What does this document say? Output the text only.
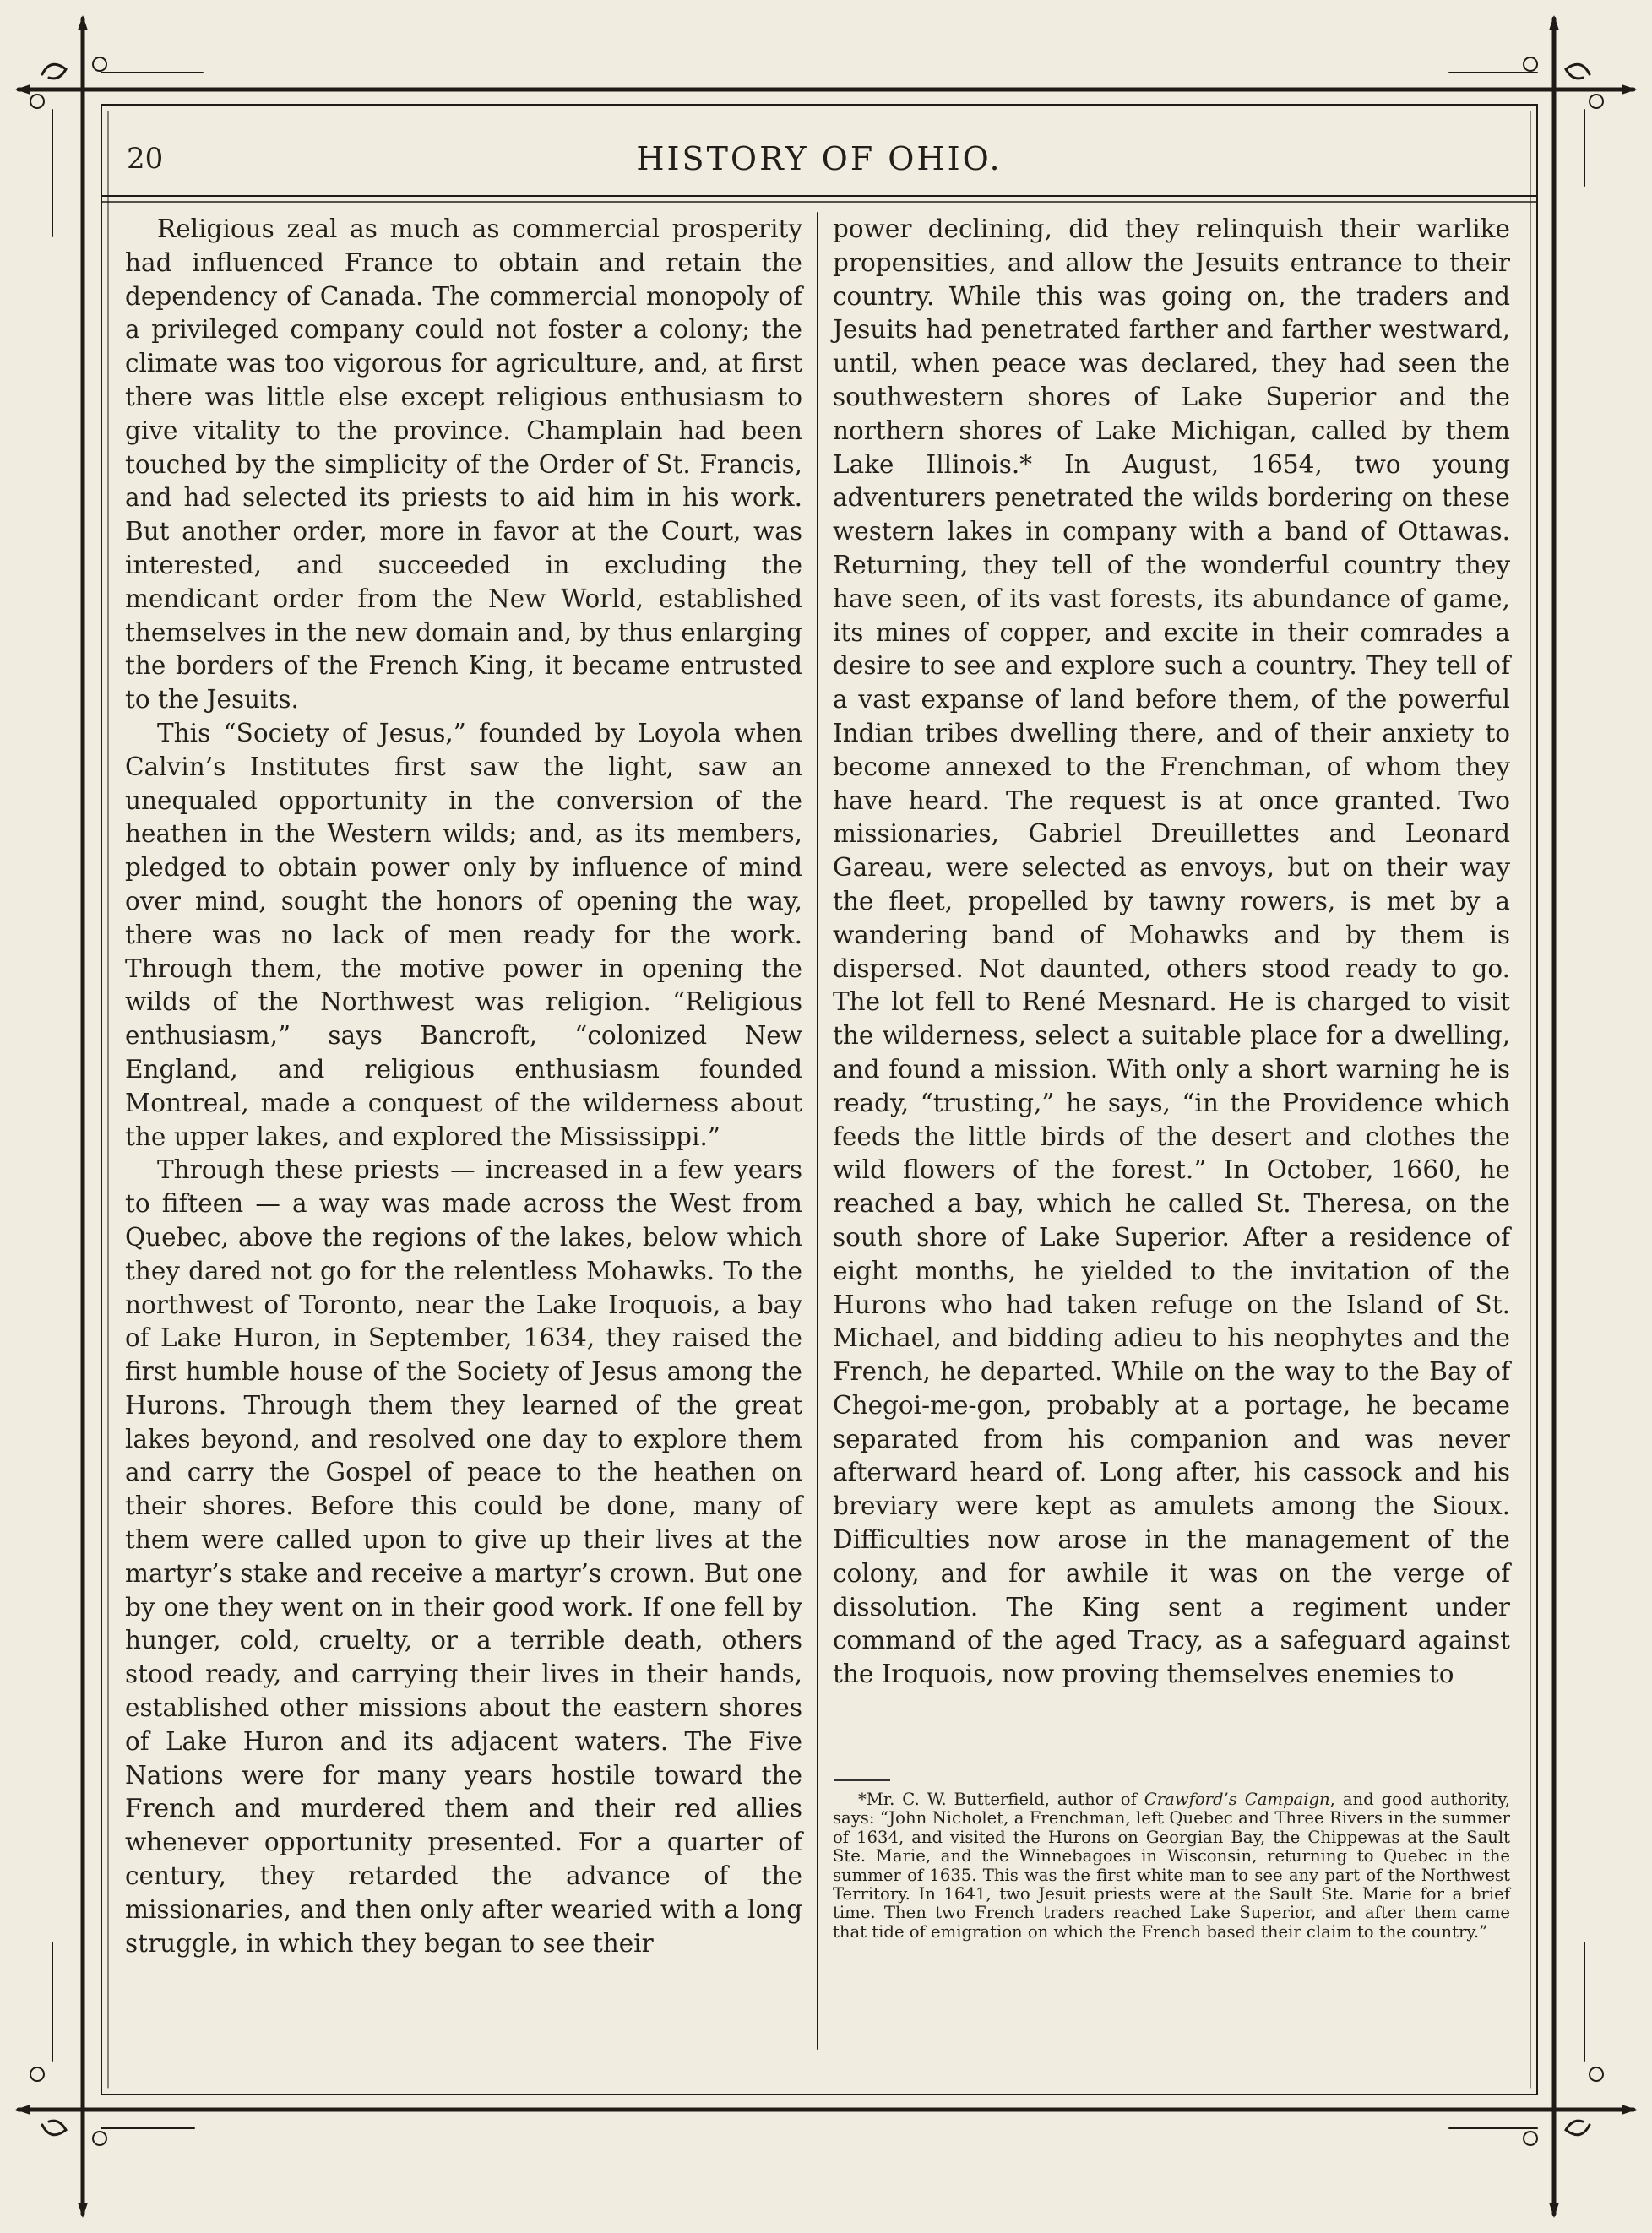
20	HISTORY OF OHIO.

Religious zeal as much as commercial prosperity had influenced France to obtain and retain the dependency of Canada. The commercial monopoly of a privileged company could not foster a colony; the climate was too vigorous for agriculture, and, at first there was little else except religious enthusiasm to give vitality to the province. Champlain had been touched by the simplicity of the Order of St. Francis, and had selected its priests to aid him in his work. But another order, more in favor at the Court, was interested, and succeeded in excluding the mendicant order from the New World, established themselves in the new domain and, by thus enlarging the borders of the French King, it became entrusted to the Jesuits.

This “Society of Jesus,” founded by Loyola when Calvin’s Institutes first saw the light, saw an unequaled opportunity in the conversion of the heathen in the Western wilds; and, as its members, pledged to obtain power only by influence of mind over mind, sought the honors of opening the way, there was no lack of men ready for the work. Through them, the motive power in opening the wilds of the Northwest was religion. “Religious enthusiasm,” says Bancroft, “colonized New England, and religious enthusiasm founded Montreal, made a conquest of the wilderness about the upper lakes, and explored the Mississippi.”

Through these priests — increased in a few years to fifteen — a way was made across the West from Quebec, above the regions of the lakes, below which they dared not go for the relentless Mohawks. To the northwest of Toronto, near the Lake Iroquois, a bay of Lake Huron, in September, 1634, they raised the first humble house of the Society of Jesus among the Hurons. Through them they learned of the great lakes beyond, and resolved one day to explore them and carry the Gospel of peace to the heathen on their shores. Before this could be done, many of them were called upon to give up their lives at the martyr’s stake and receive a martyr’s crown. But one by one they went on in their good work. If one fell by hunger, cold, cruelty, or a terrible death, others stood ready, and carrying their lives in their hands, established other missions about the eastern shores of Lake Huron and its adjacent waters. The Five Nations were for many years hostile toward the French and murdered them and their red allies whenever opportunity presented. For a quarter of century, they retarded the advance of the missionaries, and then only after wearied with a long struggle, in which they began to see their

power declining, did they relinquish their warlike propensities, and allow the Jesuits entrance to their country. While this was going on, the traders and Jesuits had penetrated farther and farther westward, until, when peace was declared, they had seen the southwestern shores of Lake Superior and the northern shores of Lake Michigan, called by them Lake Illinois.* In August, 1654, two young adventurers penetrated the wilds bordering on these western lakes in company with a band of Ottawas. Returning, they tell of the wonderful country they have seen, of its vast forests, its abundance of game, its mines of copper, and excite in their comrades a desire to see and explore such a country. They tell of a vast expanse of land before them, of the powerful Indian tribes dwelling there, and of their anxiety to become annexed to the Frenchman, of whom they have heard. The request is at once granted. Two missionaries, Gabriel Dreuillettes and Leonard Gareau, were selected as envoys, but on their way the fleet, propelled by tawny rowers, is met by a wandering band of Mohawks and by them is dispersed. Not daunted, others stood ready to go. The lot fell to René Mesnard. He is charged to visit the wilderness, select a suitable place for a dwelling, and found a mission. With only a short warning he is ready, “trusting,” he says, “in the Providence which feeds the little birds of the desert and clothes the wild flowers of the forest.” In October, 1660, he reached a bay, which he called St. Theresa, on the south shore of Lake Superior. After a residence of eight months, he yielded to the invitation of the Hurons who had taken refuge on the Island of St. Michael, and bidding adieu to his neophytes and the French, he departed. While on the way to the Bay of Chegoi-me-gon, probably at a portage, he became separated from his companion and was never afterward heard of. Long after, his cassock and his breviary were kept as amulets among the Sioux. Difficulties now arose in the management of the colony, and for awhile it was on the verge of dissolution. The King sent a regiment under command of the aged Tracy, as a safeguard against the Iroquois, now proving themselves enemies to

*Mr. C. W. Butterfield, author of Crawford’s Campaign, and good authority, says: “John Nicholet, a Frenchman, left Quebec and Three Rivers in the summer of 1634, and visited the Hurons on Georgian Bay, the Chippewas at the Sault Ste. Marie, and the Winnebagoes in Wisconsin, returning to Quebec in the summer of 1635. This was the first white man to see any part of the Northwest Territory. In 1641, two Jesuit priests were at the Sault Ste. Marie for a brief time. Then two French traders reached Lake Superior, and after them came that tide of emigration on which the French based their claim to the country.”
